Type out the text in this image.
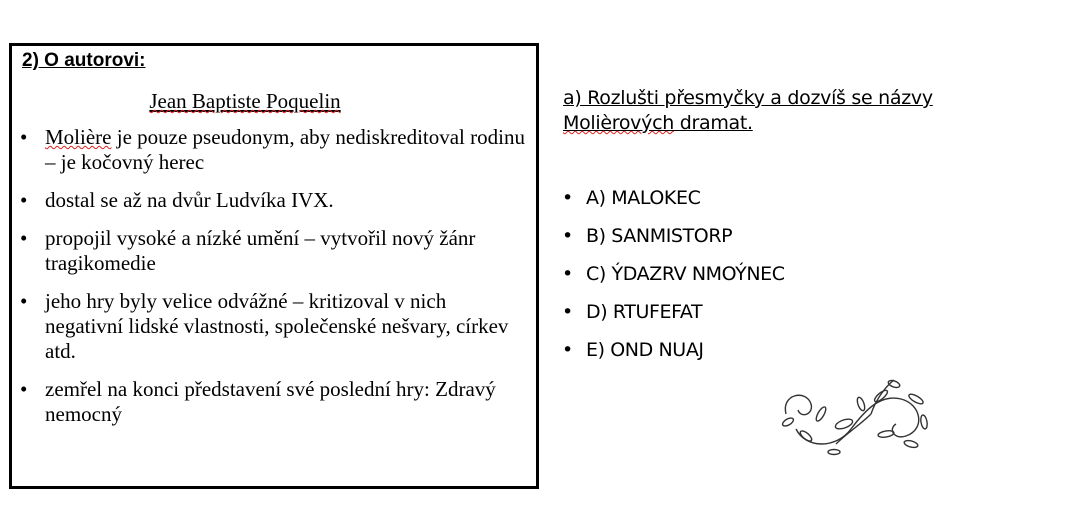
2) O autorovi:
Jean Baptiste Poquelin
• Molière je pouze pseudonym, aby nediskreditoval rodinu – je kočovný herec
• dostal se až na dvůr Ludvíka IVX.
• propojil vysoké a nízké umění – vytvořil nový žánr tragikomedie
• jeho hry byly velice odvážné – kritizoval v nich negativní lidské vlastnosti, společenské nešvary, církev atd.
• zemřel na konci představení své poslední hry: Zdravý nemocný
a) Rozlušti přesmyčky a dozvíš se názvy
Molièrových dramat.
• A) MALOKEC
• B) SANMISTORP
• C) ÝDAZRV NMOÝNEC
• D) RTUFEFAT
• E) OND NUAJ
